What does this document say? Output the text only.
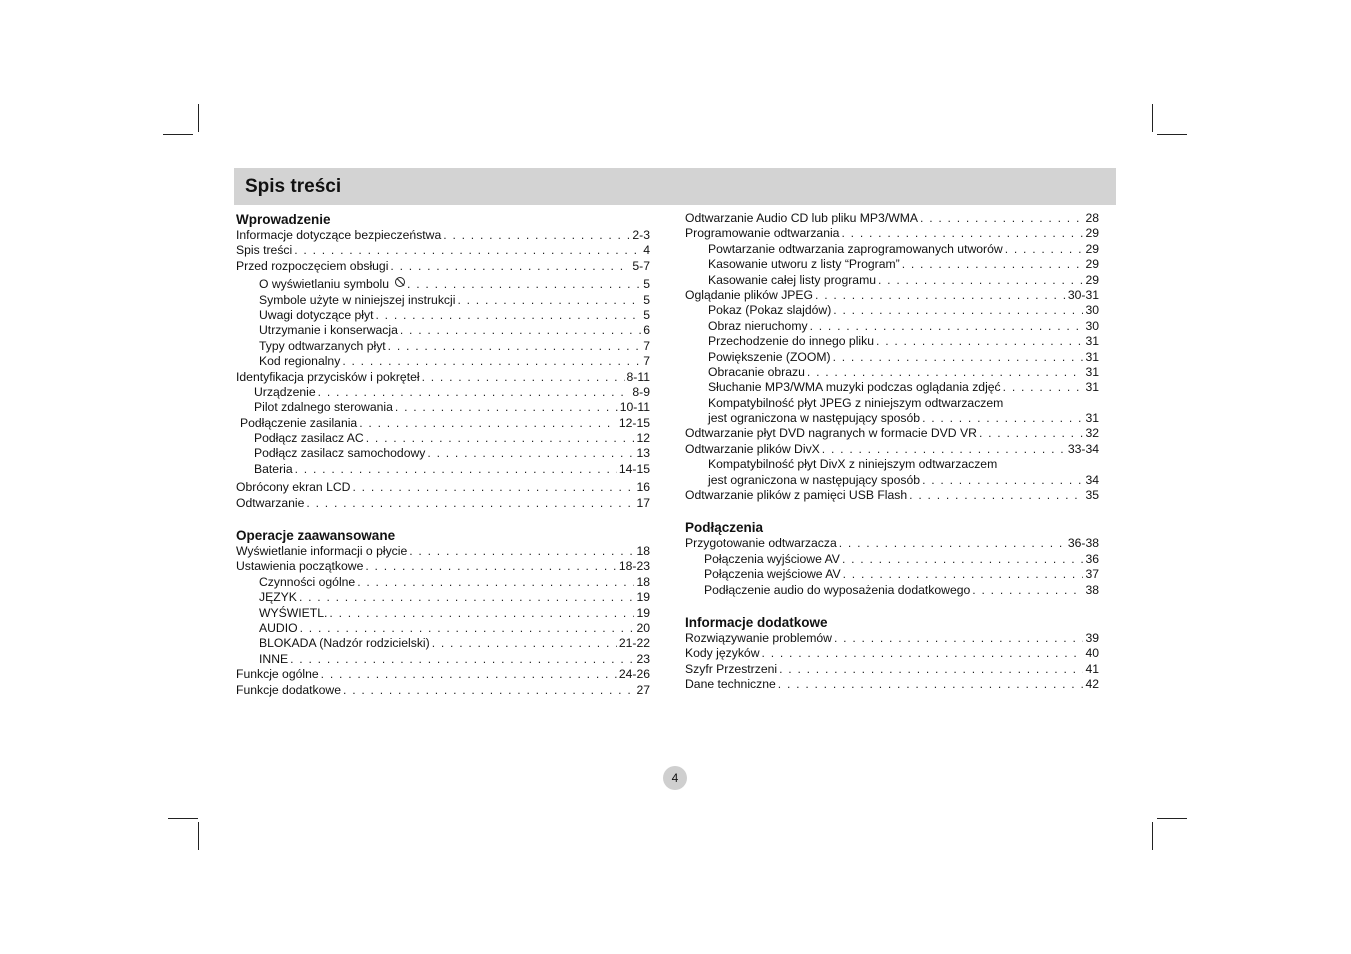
Spis treści
Wprowadzenie
Informacje dotyczące bezpieczeństwa . . .	2-3
Spis treści . . .	4
Przed rozpoczęciem obsługi . . .	5-7
O wyświetlaniu symbolu . . .	5
Symbole użyte w niniejszej instrukcji . . .	5
Uwagi dotyczące płyt . . .	5
Utrzymanie i konserwacja . . .	6
Typy odtwarzanych płyt . . .	7
Kod regionalny . . .	7
Identyfikacja przycisków i pokręteł . . .	8-11
Urządzenie . . .	8-9
Pilot zdalnego sterowania . . .	10-11
Podłączenie zasilania . . .	12-15
Podłącz zasilacz AC . . .	12
Podłącz zasilacz samochodowy . . .	13
Bateria . . .	14-15
Obrócony ekran LCD . . .	16
Odtwarzanie . . .	17
Operacje zaawansowane
Wyświetlanie informacji o płycie . . .	18
Ustawienia początkowe . . .	18-23
Czynności ogólne . . .	18
JĘZYK . . .	19
WYŚWIETL. . . .	19
AUDIO . . .	20
BLOKADA (Nadzór rodzicielski) . . .	21-22
INNE . . .	23
Funkcje ogólne . . .	24-26
Funkcje dodatkowe . . .	27
Odtwarzanie Audio CD lub pliku MP3/WMA . . .	28
Programowanie odtwarzania . . .	29
Powtarzanie odtwarzania zaprogramowanych utworów . . .	29
Kasowanie utworu z listy “Program” . . .	29
Kasowanie całej listy programu . . .	29
Oglądanie plików JPEG . . .	30-31
Pokaz (Pokaz slajdów) . . .	30
Obraz nieruchomy . . .	30
Przechodzenie do innego pliku . . .	31
Powiększenie (ZOOM) . . .	31
Obracanie obrazu . . .	31
Słuchanie MP3/WMA muzyki podczas oglądania zdjęć . . .	31
Kompatybilność płyt JPEG z niniejszym odtwarzaczem
jest ograniczona w następujący sposób . . .	31
Odtwarzanie płyt DVD nagranych w formacie DVD VR . . .	32
Odtwarzanie plików DivX . . .	33-34
Kompatybilność płyt DivX z niniejszym odtwarzaczem
jest ograniczona w następujący sposób . . .	34
Odtwarzanie plików z pamięci USB Flash . . .	35
Podłączenia
Przygotowanie odtwarzacza . . .	36-38
Połączenia wyjściowe AV . . .	36
Połączenia wejściowe AV . . .	37
Podłączenie audio do wyposażenia dodatkowego . . .	38
Informacje dodatkowe
Rozwiązywanie problemów . . .	39
Kody języków . . .	40
Szyfr Przestrzeni . . .	41
Dane techniczne . . .	42
4
